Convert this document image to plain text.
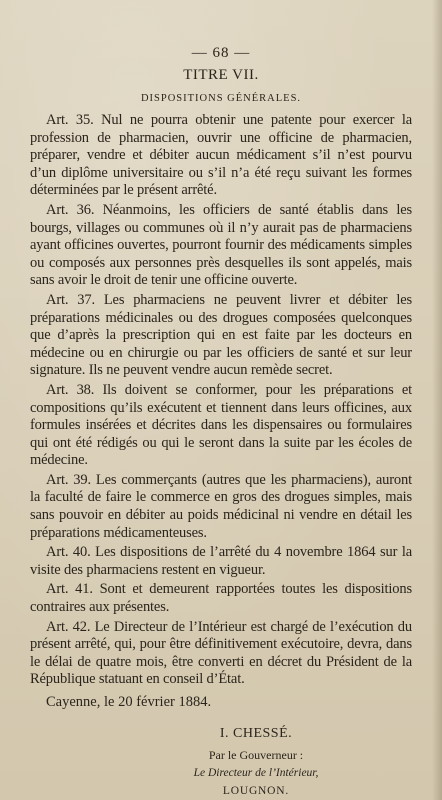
— 68 —
TITRE VII.
DISPOSITIONS GÉNÉRALES.

Art. 35. Nul ne pourra obtenir une patente pour exercer la profession de pharmacien, ouvrir une officine de pharmacien, préparer, vendre et débiter aucun médicament s’il n’est pourvu d’un diplôme universitaire ou s’il n’a été reçu suivant les formes déterminées par le présent arrêté.

Art. 36. Néanmoins, les officiers de santé établis dans les bourgs, villages ou communes où il n’y aurait pas de pharmaciens ayant officines ouvertes, pourront fournir des médicaments simples ou composés aux personnes près desquelles ils sont appelés, mais sans avoir le droit de tenir une officine ouverte.

Art. 37. Les pharmaciens ne peuvent livrer et débiter les préparations médicinales ou des drogues composées quelconques que d’après la prescription qui en est faite par les docteurs en médecine ou en chirurgie ou par les officiers de santé et sur leur signature. Ils ne peuvent vendre aucun remède secret.

Art. 38. Ils doivent se conformer, pour les préparations et compositions qu’ils exécutent et tiennent dans leurs officines, aux formules insérées et décrites dans les dispensaires ou formulaires qui ont été rédigés ou qui le seront dans la suite par les écoles de médecine.

Art. 39. Les commerçants (autres que les pharmaciens), auront la faculté de faire le commerce en gros des drogues simples, mais sans pouvoir en débiter au poids médicinal ni vendre en détail les préparations médicamenteuses.

Art. 40. Les dispositions de l’arrêté du 4 novembre 1864 sur la visite des pharmaciens restent en vigueur.

Art. 41. Sont et demeurent rapportées toutes les dispositions contraires aux présentes.

Art. 42. Le Directeur de l’Intérieur est chargé de l’exécution du présent arrêté, qui, pour être définitivement exécutoire, devra, dans le délai de quatre mois, être converti en décret du Président de la République statuant en conseil d’État.

Cayenne, le 20 février 1884.

I. CHESSÉ.
Par le Gouverneur :
Le Directeur de l’Intérieur,
LOUGNON.
